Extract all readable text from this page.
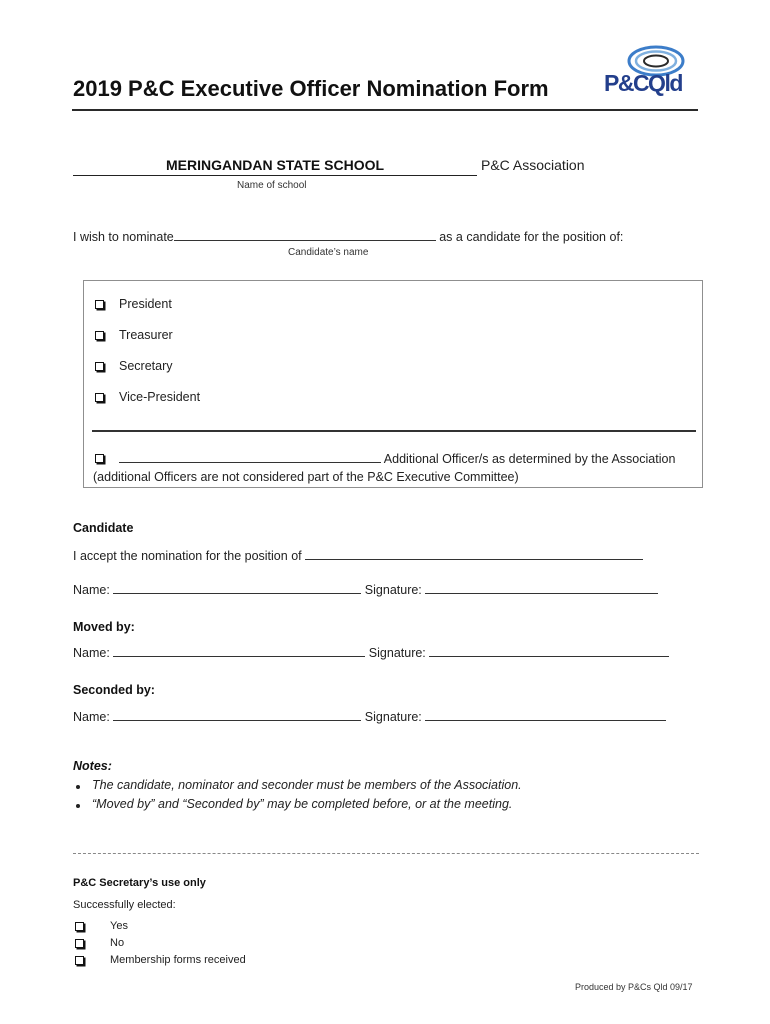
2019 P&C Executive Officer Nomination Form P&CQld
MERINGANDAN STATE SCHOOL	P&C Association
Name of school
I wish to nominate	as a candidate for the position of:
Candidate’s name
President
Treasurer
Secretary
Vice-President
Additional Officer/s as determined by the Association
(additional Officers are not considered part of the P&C Executive Committee)
Candidate
I accept the nomination for the position of
Name:	Signature:
Moved by:
Name:	Signature:
Seconded by:
Name:	Signature:
Notes:
The candidate, nominator and seconder must be members of the Association.
“Moved by” and “Seconded by” may be completed before, or at the meeting.
P&C Secretary’s use only
Successfully elected:
Yes
No
Membership forms received
Produced by P&Cs Qld 09/17
